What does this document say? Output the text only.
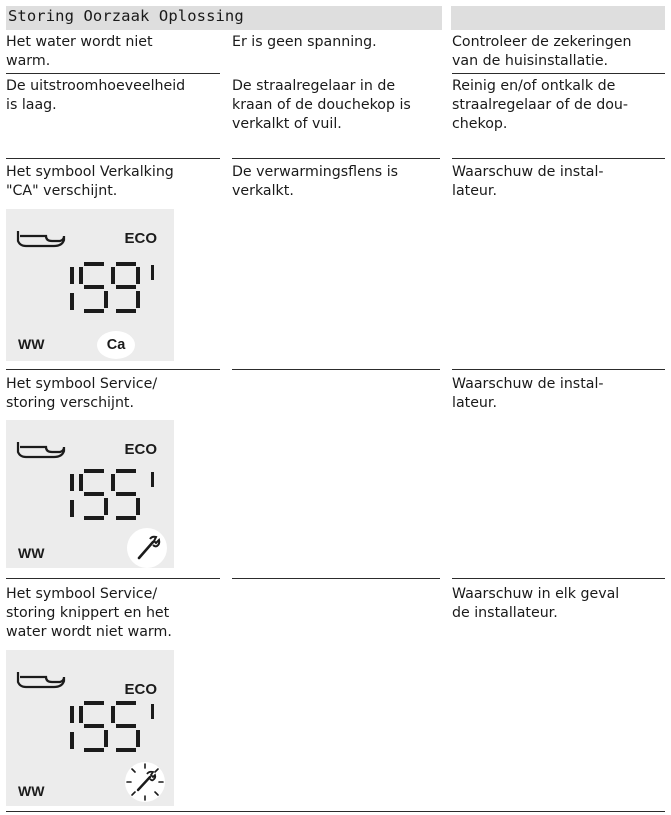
Storing Oorzaak Oplossing
Het water wordt niet
warm.
Er is geen spanning.	Controleer de zekeringen
van de huisinstallatie.
De uitstroomhoeveelheid
is laag.
De straalregelaar in de
kraan of de douchekop is
verkalkt of vuil.
Reinig en/of ontkalk de
straalregelaar of de dou-
chekop.
Het symbool Verkalking
"CA" verschijnt.
De verwarmingsflens is
verkalkt.
Waarschuw de instal-
lateur.
ECO
WW	Ca
Het symbool Service/
storing verschijnt.
Waarschuw de instal-
lateur.
ECO
WW
Het symbool Service/
storing knippert en het
water wordt niet warm.
Waarschuw in elk geval
de installateur.
ECO
WW
